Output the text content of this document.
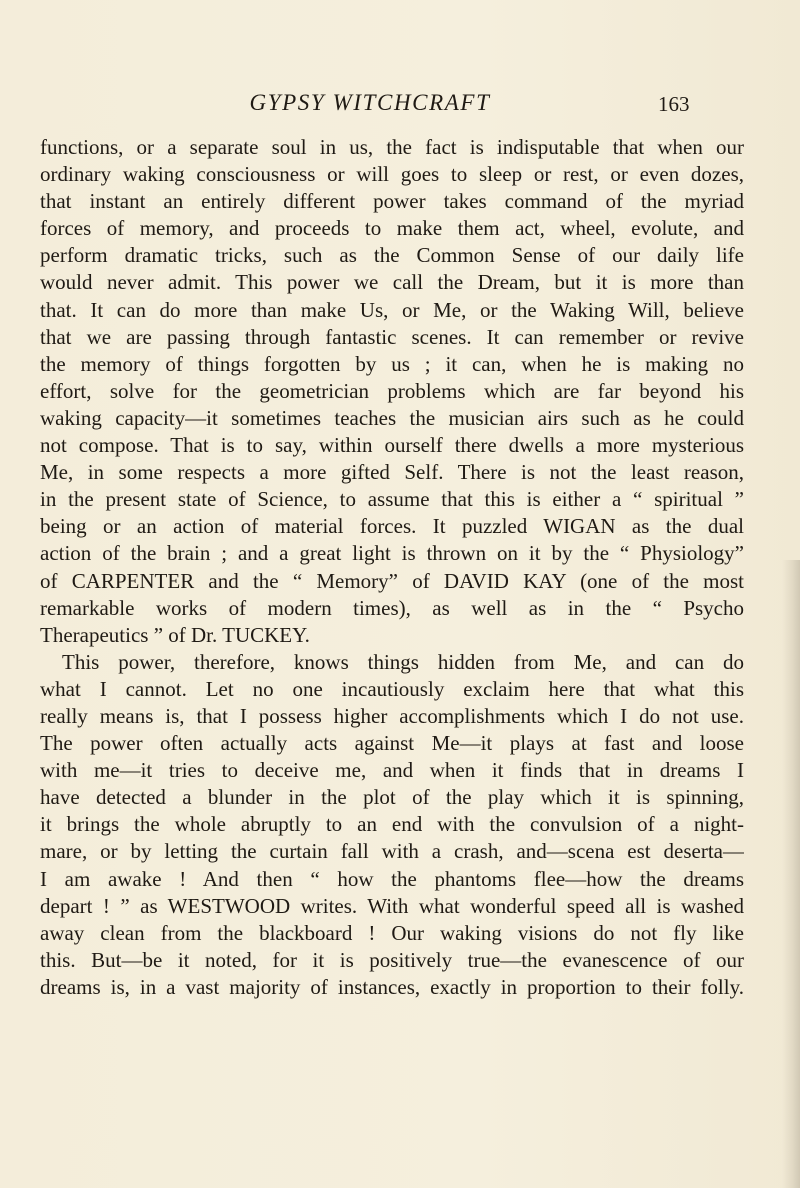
GYPSY WITCHCRAFT	163
functions, or a separate soul in us, the fact is indisputable that when our
ordinary waking consciousness or will goes to sleep or rest, or even dozes,
that instant an entirely different power takes command of the myriad
forces of memory, and proceeds to make them act, wheel, evolute, and
perform dramatic tricks, such as the Common Sense of our daily life
would never admit. This power we call the Dream, but it is more than
that. It can do more than make Us, or Me, or the Waking Will, believe
that we are passing through fantastic scenes. It can remember or revive
the memory of things forgotten by us ; it can, when he is making no
effort, solve for the geometrician problems which are far beyond his
waking capacity—it sometimes teaches the musician airs such as he could
not compose. That is to say, within ourself there dwells a more mysterious
Me, in some respects a more gifted Self. There is not the least reason,
in the present state of Science, to assume that this is either a “ spiritual ”
being or an action of material forces. It puzzled WIGAN as the dual
action of the brain ; and a great light is thrown on it by the “ Physiology”
of CARPENTER and the “ Memory” of DAVID KAY (one of the most
remarkable works of modern times), as well as in the “ Psycho
Therapeutics ” of Dr. TUCKEY.
This power, therefore, knows things hidden from Me, and can do
what I cannot. Let no one incautiously exclaim here that what this
really means is, that I possess higher accomplishments which I do not use.
The power often actually acts against Me—it plays at fast and loose
with me—it tries to deceive me, and when it finds that in dreams I
have detected a blunder in the plot of the play which it is spinning,
it brings the whole abruptly to an end with the convulsion of a night-
mare, or by letting the curtain fall with a crash, and—scena est deserta—
I am awake ! And then “ how the phantoms flee—how the dreams
depart ! ” as WESTWOOD writes. With what wonderful speed all is washed
away clean from the blackboard ! Our waking visions do not fly like
this. But—be it noted, for it is positively true—the evanescence of our
dreams is, in a vast majority of instances, exactly in proportion to their folly.
